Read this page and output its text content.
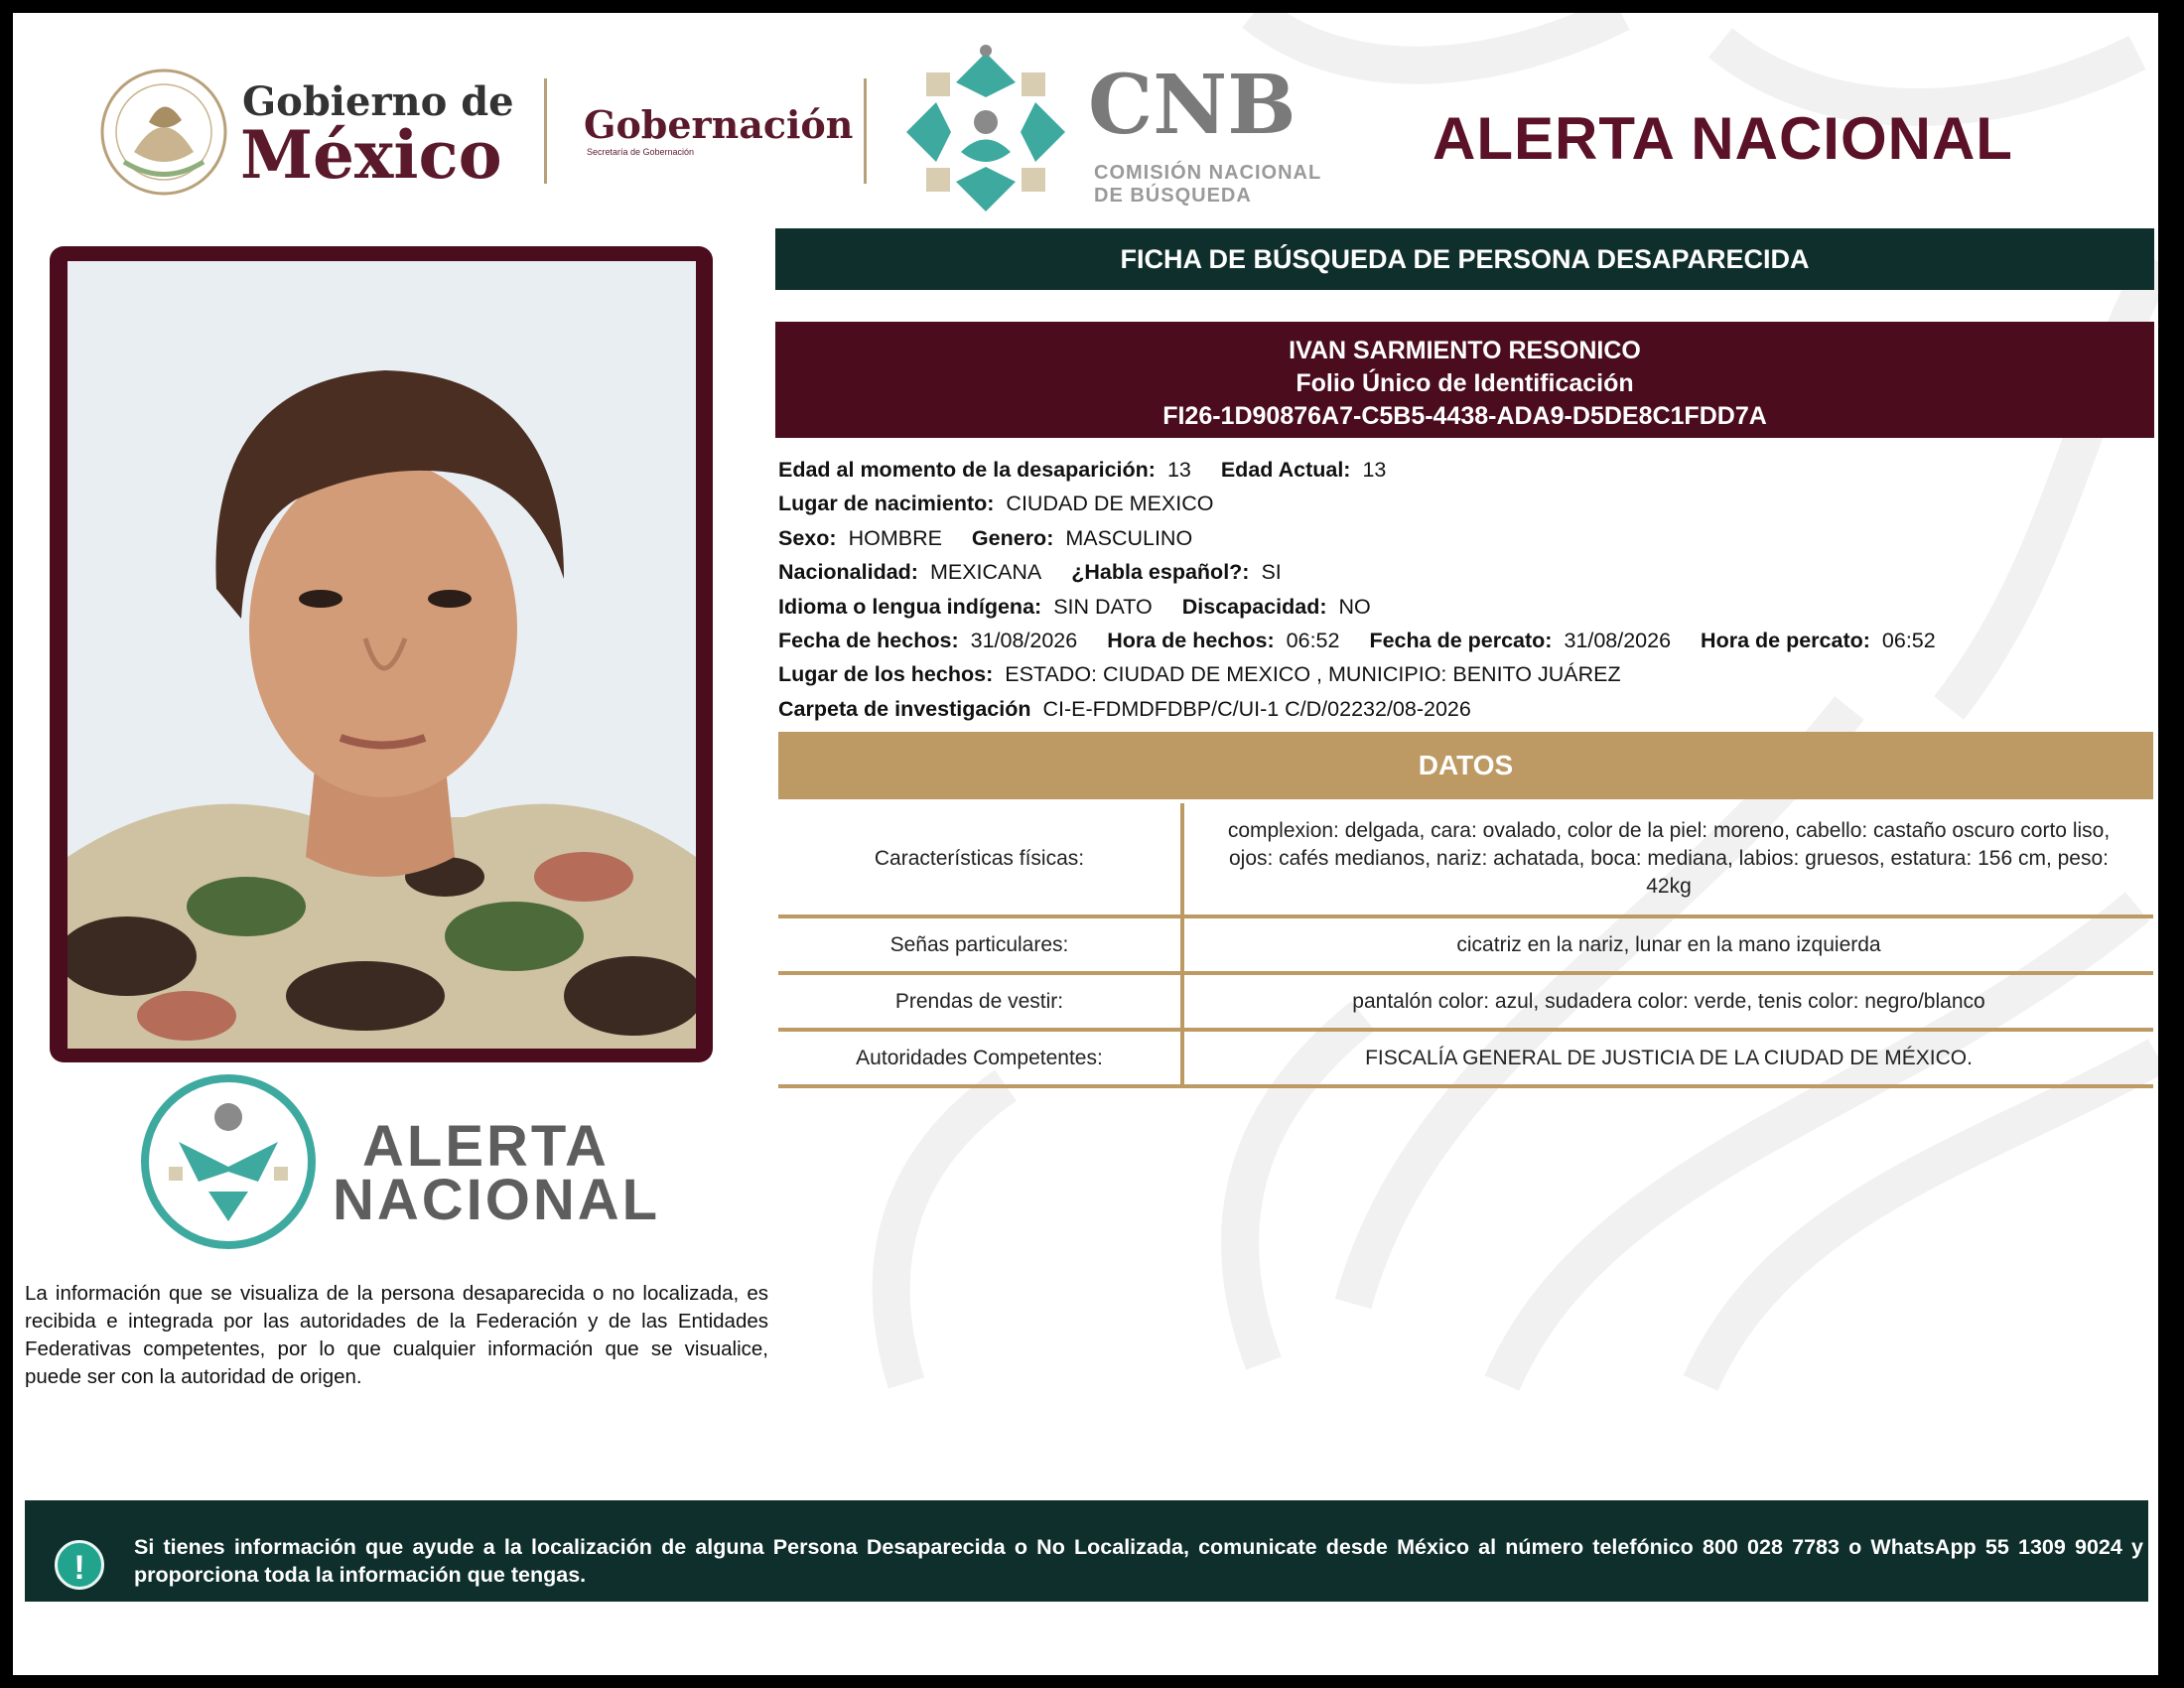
Gobierno de
México Gobernación
Secretaría de Gobernación	CNB
COMISIÓN NACIONAL
DE BÚSQUEDA
ALERTA NACIONAL
ALERTA
NACIONAL
La información que se visualiza de la persona desaparecida o no localizada, es recibida e integrada por las autoridades de la Federación y de las Entidades Federativas competentes, por lo que cualquier información que se visualice, puede ser con la autoridad de origen.
FICHA DE BÚSQUEDA DE PERSONA DESAPARECIDA
IVAN SARMIENTO RESONICO
Folio Único de Identificación
FI26-1D90876A7-C5B5-4438-ADA9-D5DE8C1FDD7A
Edad al momento de la desaparición: 13 Edad Actual: 13
Lugar de nacimiento: CIUDAD DE MEXICO
Sexo: HOMBRE Genero: MASCULINO
Nacionalidad: MEXICANA ¿Habla español?: SI
Idioma o lengua indígena: SIN DATO Discapacidad: NO
Fecha de hechos: 31/08/2026 Hora de hechos: 06:52 Fecha de percato: 31/08/2026 Hora de percato: 06:52
Lugar de los hechos: ESTADO: CIUDAD DE MEXICO , MUNICIPIO: BENITO JUÁREZ
Carpeta de investigación CI-E-FDMDFDBP/C/UI-1 C/D/02232/08-2026
DATOS
Características físicas:	complexion: delgada, cara: ovalado, color de la piel: moreno, cabello: castaño oscuro corto liso, ojos: cafés medianos, nariz: achatada, boca: mediana, labios: gruesos, estatura: 156 cm, peso: 42kg
Señas particulares:	cicatriz en la nariz, lunar en la mano izquierda
Prendas de vestir:	pantalón color: azul, sudadera color: verde, tenis color: negro/blanco
Autoridades Competentes:	FISCALÍA GENERAL DE JUSTICIA DE LA CIUDAD DE MÉXICO.
!
Si tienes información que ayude a la localización de alguna Persona Desaparecida o No Localizada, comunicate desde México al número telefónico 800 028 7783 o WhatsApp 55 1309 9024 y proporciona toda la información que tengas.
